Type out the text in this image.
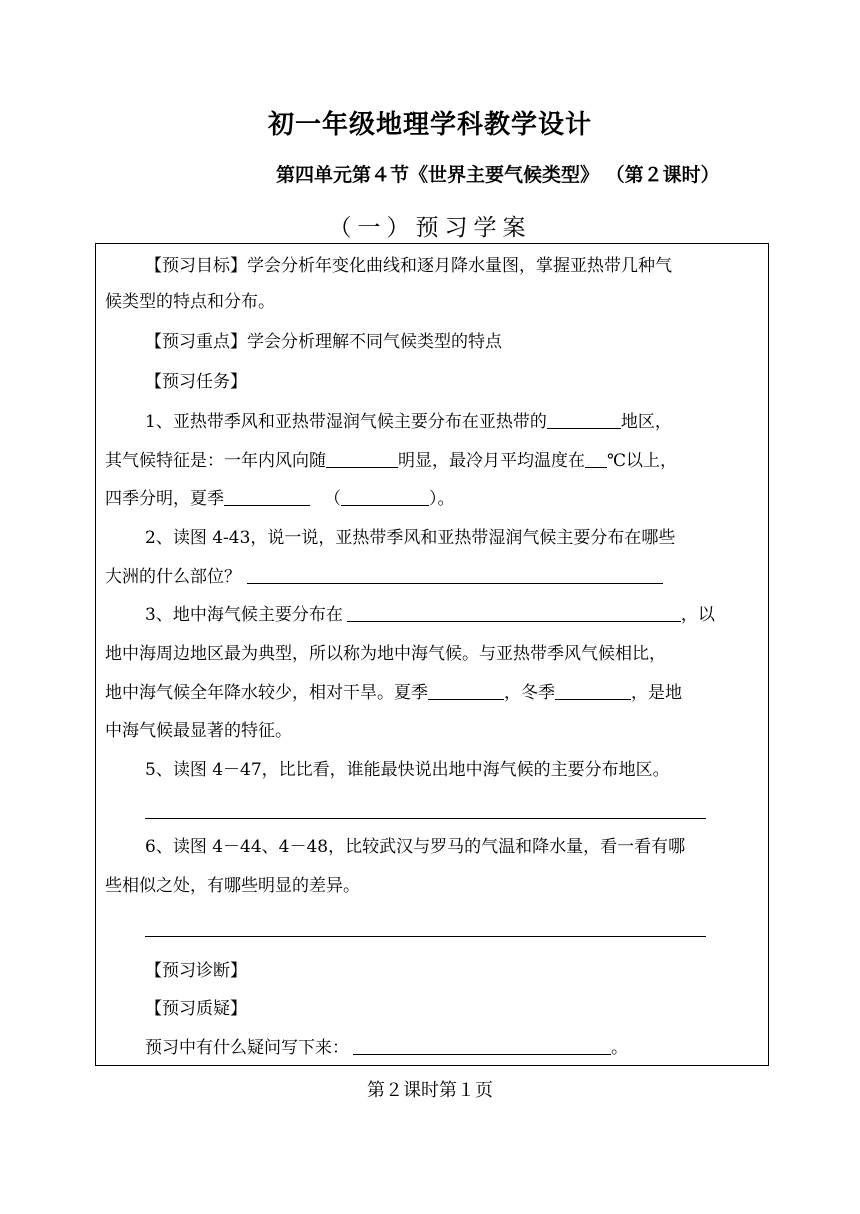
初一年级地理学科教学设计
第四单元第４节《世界主要气候类型》 （第２课时）
（一）预习学案
【预习目标】学会分析年变化曲线和逐月降水量图，掌握亚热带几种气
候类型的特点和分布。
【预习重点】学会分析理解不同气候类型的特点
【预习任务】
1、亚热带季风和亚热带湿润气候主要分布在亚热带的	地区，
其气候特征是：一年内风向随	明显，最冷月平均温度在 ℃以上，
四季分明，夏季	（	）。
2、读图 4-43，说一说，亚热带季风和亚热带湿润气候主要分布在哪些
大洲的什么部位？
3、地中海气候主要分布在	，以
地中海周边地区最为典型，所以称为地中海气候。与亚热带季风气候相比，
地中海气候全年降水较少，相对干旱。夏季	，冬季	，是地
中海气候最显著的特征。
5、读图 4－47，比比看，谁能最快说出地中海气候的主要分布地区。
6、读图 4－44、4－48，比较武汉与罗马的气温和降水量，看一看有哪
些相似之处，有哪些明显的差异。
【预习诊断】
【预习质疑】
预习中有什么疑问写下来：	。
第２课时第１页
